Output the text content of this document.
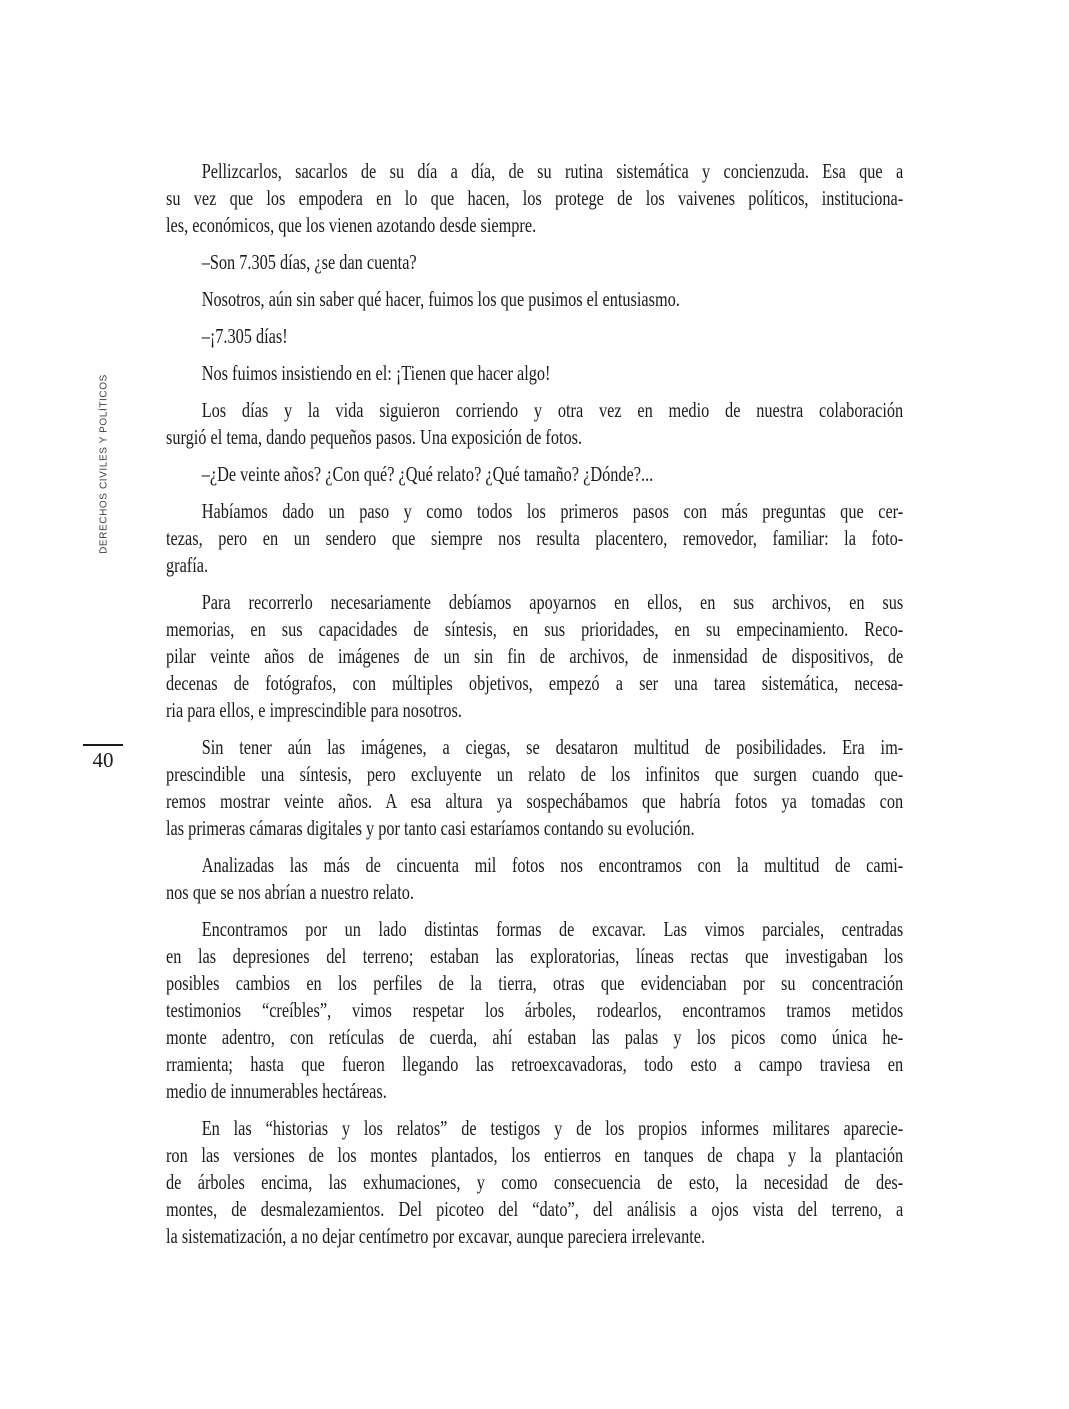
DERECHOS CIVILES Y POLÍTICOS
40
Pellizcarlos, sacarlos de su día a día, de su rutina sistemática y concienzuda. Esa que a
su vez que los empodera en lo que hacen, los protege de los vaivenes políticos, instituciona-
les, económicos, que los vienen azotando desde siempre.
–Son 7.305 días, ¿se dan cuenta?
Nosotros, aún sin saber qué hacer, fuimos los que pusimos el entusiasmo.
–¡7.305 días!
Nos fuimos insistiendo en el: ¡Tienen que hacer algo!
Los días y la vida siguieron corriendo y otra vez en medio de nuestra colaboración
surgió el tema, dando pequeños pasos. Una exposición de fotos.
–¿De veinte años? ¿Con qué? ¿Qué relato? ¿Qué tamaño? ¿Dónde?...
Habíamos dado un paso y como todos los primeros pasos con más preguntas que cer-
tezas, pero en un sendero que siempre nos resulta placentero, removedor, familiar: la foto-
grafía.
Para recorrerlo necesariamente debíamos apoyarnos en ellos, en sus archivos, en sus
memorias, en sus capacidades de síntesis, en sus prioridades, en su empecinamiento. Reco-
pilar veinte años de imágenes de un sin fin de archivos, de inmensidad de dispositivos, de
decenas de fotógrafos, con múltiples objetivos, empezó a ser una tarea sistemática, necesa-
ria para ellos, e imprescindible para nosotros.
Sin tener aún las imágenes, a ciegas, se desataron multitud de posibilidades. Era im-
prescindible una síntesis, pero excluyente un relato de los infinitos que surgen cuando que-
remos mostrar veinte años. A esa altura ya sospechábamos que habría fotos ya tomadas con
las primeras cámaras digitales y por tanto casi estaríamos contando su evolución.
Analizadas las más de cincuenta mil fotos nos encontramos con la multitud de cami-
nos que se nos abrían a nuestro relato.
Encontramos por un lado distintas formas de excavar. Las vimos parciales, centradas
en las depresiones del terreno; estaban las exploratorias, líneas rectas que investigaban los
posibles cambios en los perfiles de la tierra, otras que evidenciaban por su concentración
testimonios “creíbles”, vimos respetar los árboles, rodearlos, encontramos tramos metidos
monte adentro, con retículas de cuerda, ahí estaban las palas y los picos como única he-
rramienta; hasta que fueron llegando las retroexcavadoras, todo esto a campo traviesa en
medio de innumerables hectáreas.
En las “historias y los relatos” de testigos y de los propios informes militares aparecie-
ron las versiones de los montes plantados, los entierros en tanques de chapa y la plantación
de árboles encima, las exhumaciones, y como consecuencia de esto, la necesidad de des-
montes, de desmalezamientos. Del picoteo del “dato”, del análisis a ojos vista del terreno, a
la sistematización, a no dejar centímetro por excavar, aunque pareciera irrelevante.
